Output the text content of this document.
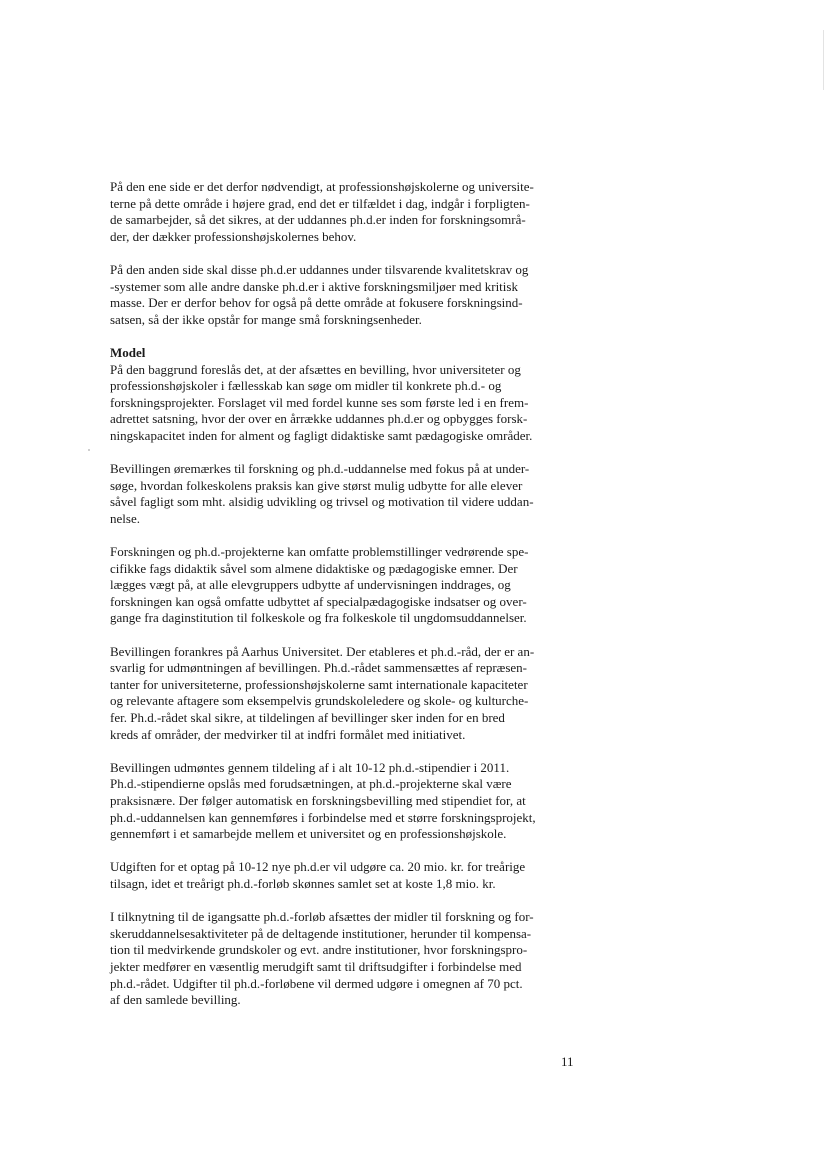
På den ene side er det derfor nødvendigt, at professionshøjskolerne og universite-
terne på dette område i højere grad, end det er tilfældet i dag, indgår i forpligten-
de samarbejder, så det sikres, at der uddannes ph.d.er inden for forskningsområ-
der, der dækker professionshøjskolernes behov.
På den anden side skal disse ph.d.er uddannes under tilsvarende kvalitetskrav og
-systemer som alle andre danske ph.d.er i aktive forskningsmiljøer med kritisk
masse. Der er derfor behov for også på dette område at fokusere forskningsind-
satsen, så der ikke opstår for mange små forskningsenheder.
Model
På den baggrund foreslås det, at der afsættes en bevilling, hvor universiteter og
professionshøjskoler i fællesskab kan søge om midler til konkrete ph.d.- og
forskningsprojekter. Forslaget vil med fordel kunne ses som første led i en frem-
adrettet satsning, hvor der over en årrække uddannes ph.d.er og opbygges forsk-
ningskapacitet inden for alment og fagligt didaktiske samt pædagogiske områder.
Bevillingen øremærkes til forskning og ph.d.-uddannelse med fokus på at under-
søge, hvordan folkeskolens praksis kan give størst mulig udbytte for alle elever
såvel fagligt som mht. alsidig udvikling og trivsel og motivation til videre uddan-
nelse.
Forskningen og ph.d.-projekterne kan omfatte problemstillinger vedrørende spe-
cifikke fags didaktik såvel som almene didaktiske og pædagogiske emner. Der
lægges vægt på, at alle elevgruppers udbytte af undervisningen inddrages, og
forskningen kan også omfatte udbyttet af specialpædagogiske indsatser og over-
gange fra daginstitution til folkeskole og fra folkeskole til ungdomsuddannelser.
Bevillingen forankres på Aarhus Universitet. Der etableres et ph.d.-råd, der er an-
svarlig for udmøntningen af bevillingen. Ph.d.-rådet sammensættes af repræsen-
tanter for universiteterne, professionshøjskolerne samt internationale kapaciteter
og relevante aftagere som eksempelvis grundskoleledere og skole- og kulturche-
fer. Ph.d.-rådet skal sikre, at tildelingen af bevillinger sker inden for en bred
kreds af områder, der medvirker til at indfri formålet med initiativet.
Bevillingen udmøntes gennem tildeling af i alt 10-12 ph.d.-stipendier i 2011.
Ph.d.-stipendierne opslås med forudsætningen, at ph.d.-projekterne skal være
praksisnære. Der følger automatisk en forskningsbevilling med stipendiet for, at
ph.d.-uddannelsen kan gennemføres i forbindelse med et større forskningsprojekt,
gennemført i et samarbejde mellem et universitet og en professionshøjskole.
Udgiften for et optag på 10-12 nye ph.d.er vil udgøre ca. 20 mio. kr. for treårige
tilsagn, idet et treårigt ph.d.-forløb skønnes samlet set at koste 1,8 mio. kr.
I tilknytning til de igangsatte ph.d.-forløb afsættes der midler til forskning og for-
skeruddannelsesaktiviteter på de deltagende institutioner, herunder til kompensa-
tion til medvirkende grundskoler og evt. andre institutioner, hvor forskningspro-
jekter medfører en væsentlig merudgift samt til driftsudgifter i forbindelse med
ph.d.-rådet. Udgifter til ph.d.-forløbene vil dermed udgøre i omegnen af 70 pct.
af den samlede bevilling.
11
